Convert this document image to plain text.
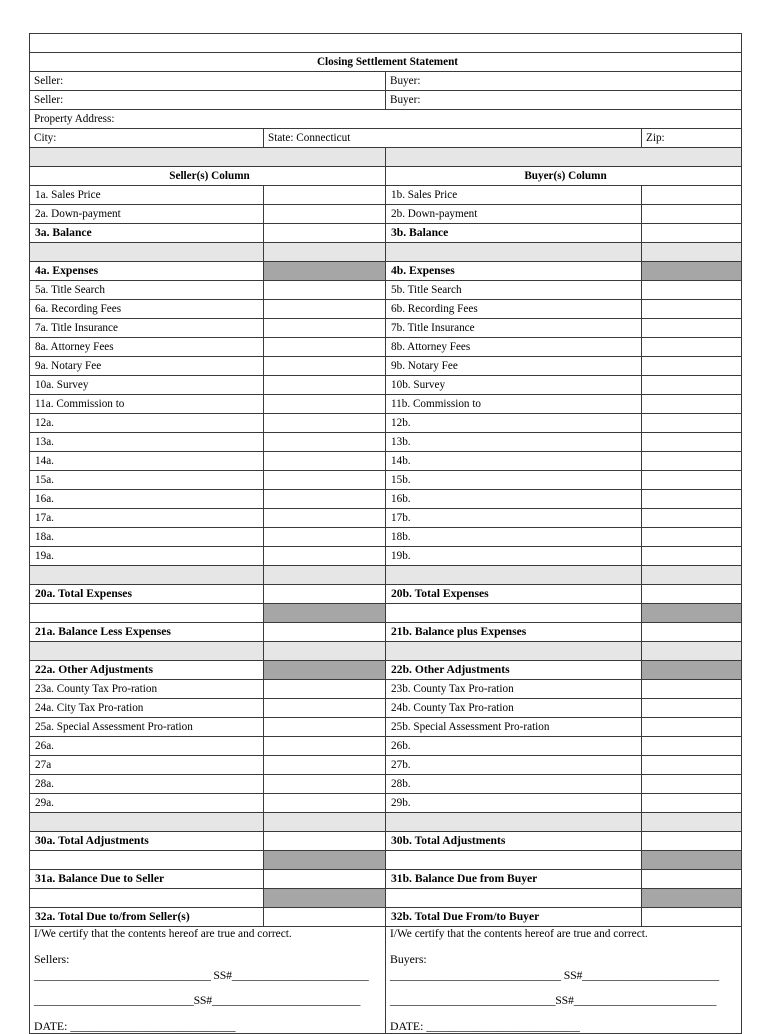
Closing Settlement Statement			
Seller:		Buyer:	
Seller:		Buyer:	
Property Address:			
City:	State: Connecticut		Zip:

Seller(s) Column		Buyer(s) Column	
1a. Sales Price		1b. Sales Price	
2a. Down-payment		2b. Down-payment	
3a. Balance		3b. Balance	

4a. Expenses		4b. Expenses	
5a. Title Search		5b. Title Search	
6a. Recording Fees		6b. Recording Fees	
7a. Title Insurance		7b. Title Insurance	
8a. Attorney Fees		8b. Attorney Fees	
9a. Notary Fee		9b. Notary Fee	
10a. Survey		10b. Survey	
11a. Commission to		11b. Commission to	
12a.		12b.	
13a.		13b.	
14a.		14b.	
15a.		15b.	
16a.		16b.	
17a.		17b.	
18a.		18b.	
19a.		19b.	

20a. Total Expenses		20b. Total Expenses	

21a. Balance Less Expenses		21b. Balance plus Expenses	

22a. Other Adjustments		22b. Other Adjustments	
23a. County Tax Pro-ration		23b. County Tax Pro-ration	
24a. City Tax Pro-ration		24b. County Tax Pro-ration	
25a. Special Assessment Pro-ration		25b. Special Assessment Pro-ration	
26a.		26b.	
27a		27b.	
28a.		28b.	
29a.		29b.	

30a. Total Adjustments		30b. Total Adjustments	

31a. Balance Due to Seller		31b. Balance Due from Buyer	

32a. Total Due to/from Seller(s)		32b. Total Due From/to Buyer	

I/We certify that the contents hereof are true and correct.
Sellers:
_______________________________ SS#________________________
____________________________SS#__________________________
DATE: ____________________________

I/We certify that the contents hereof are true and correct.
Buyers:
______________________________ SS#________________________
_____________________________SS#_________________________
DATE: __________________________
